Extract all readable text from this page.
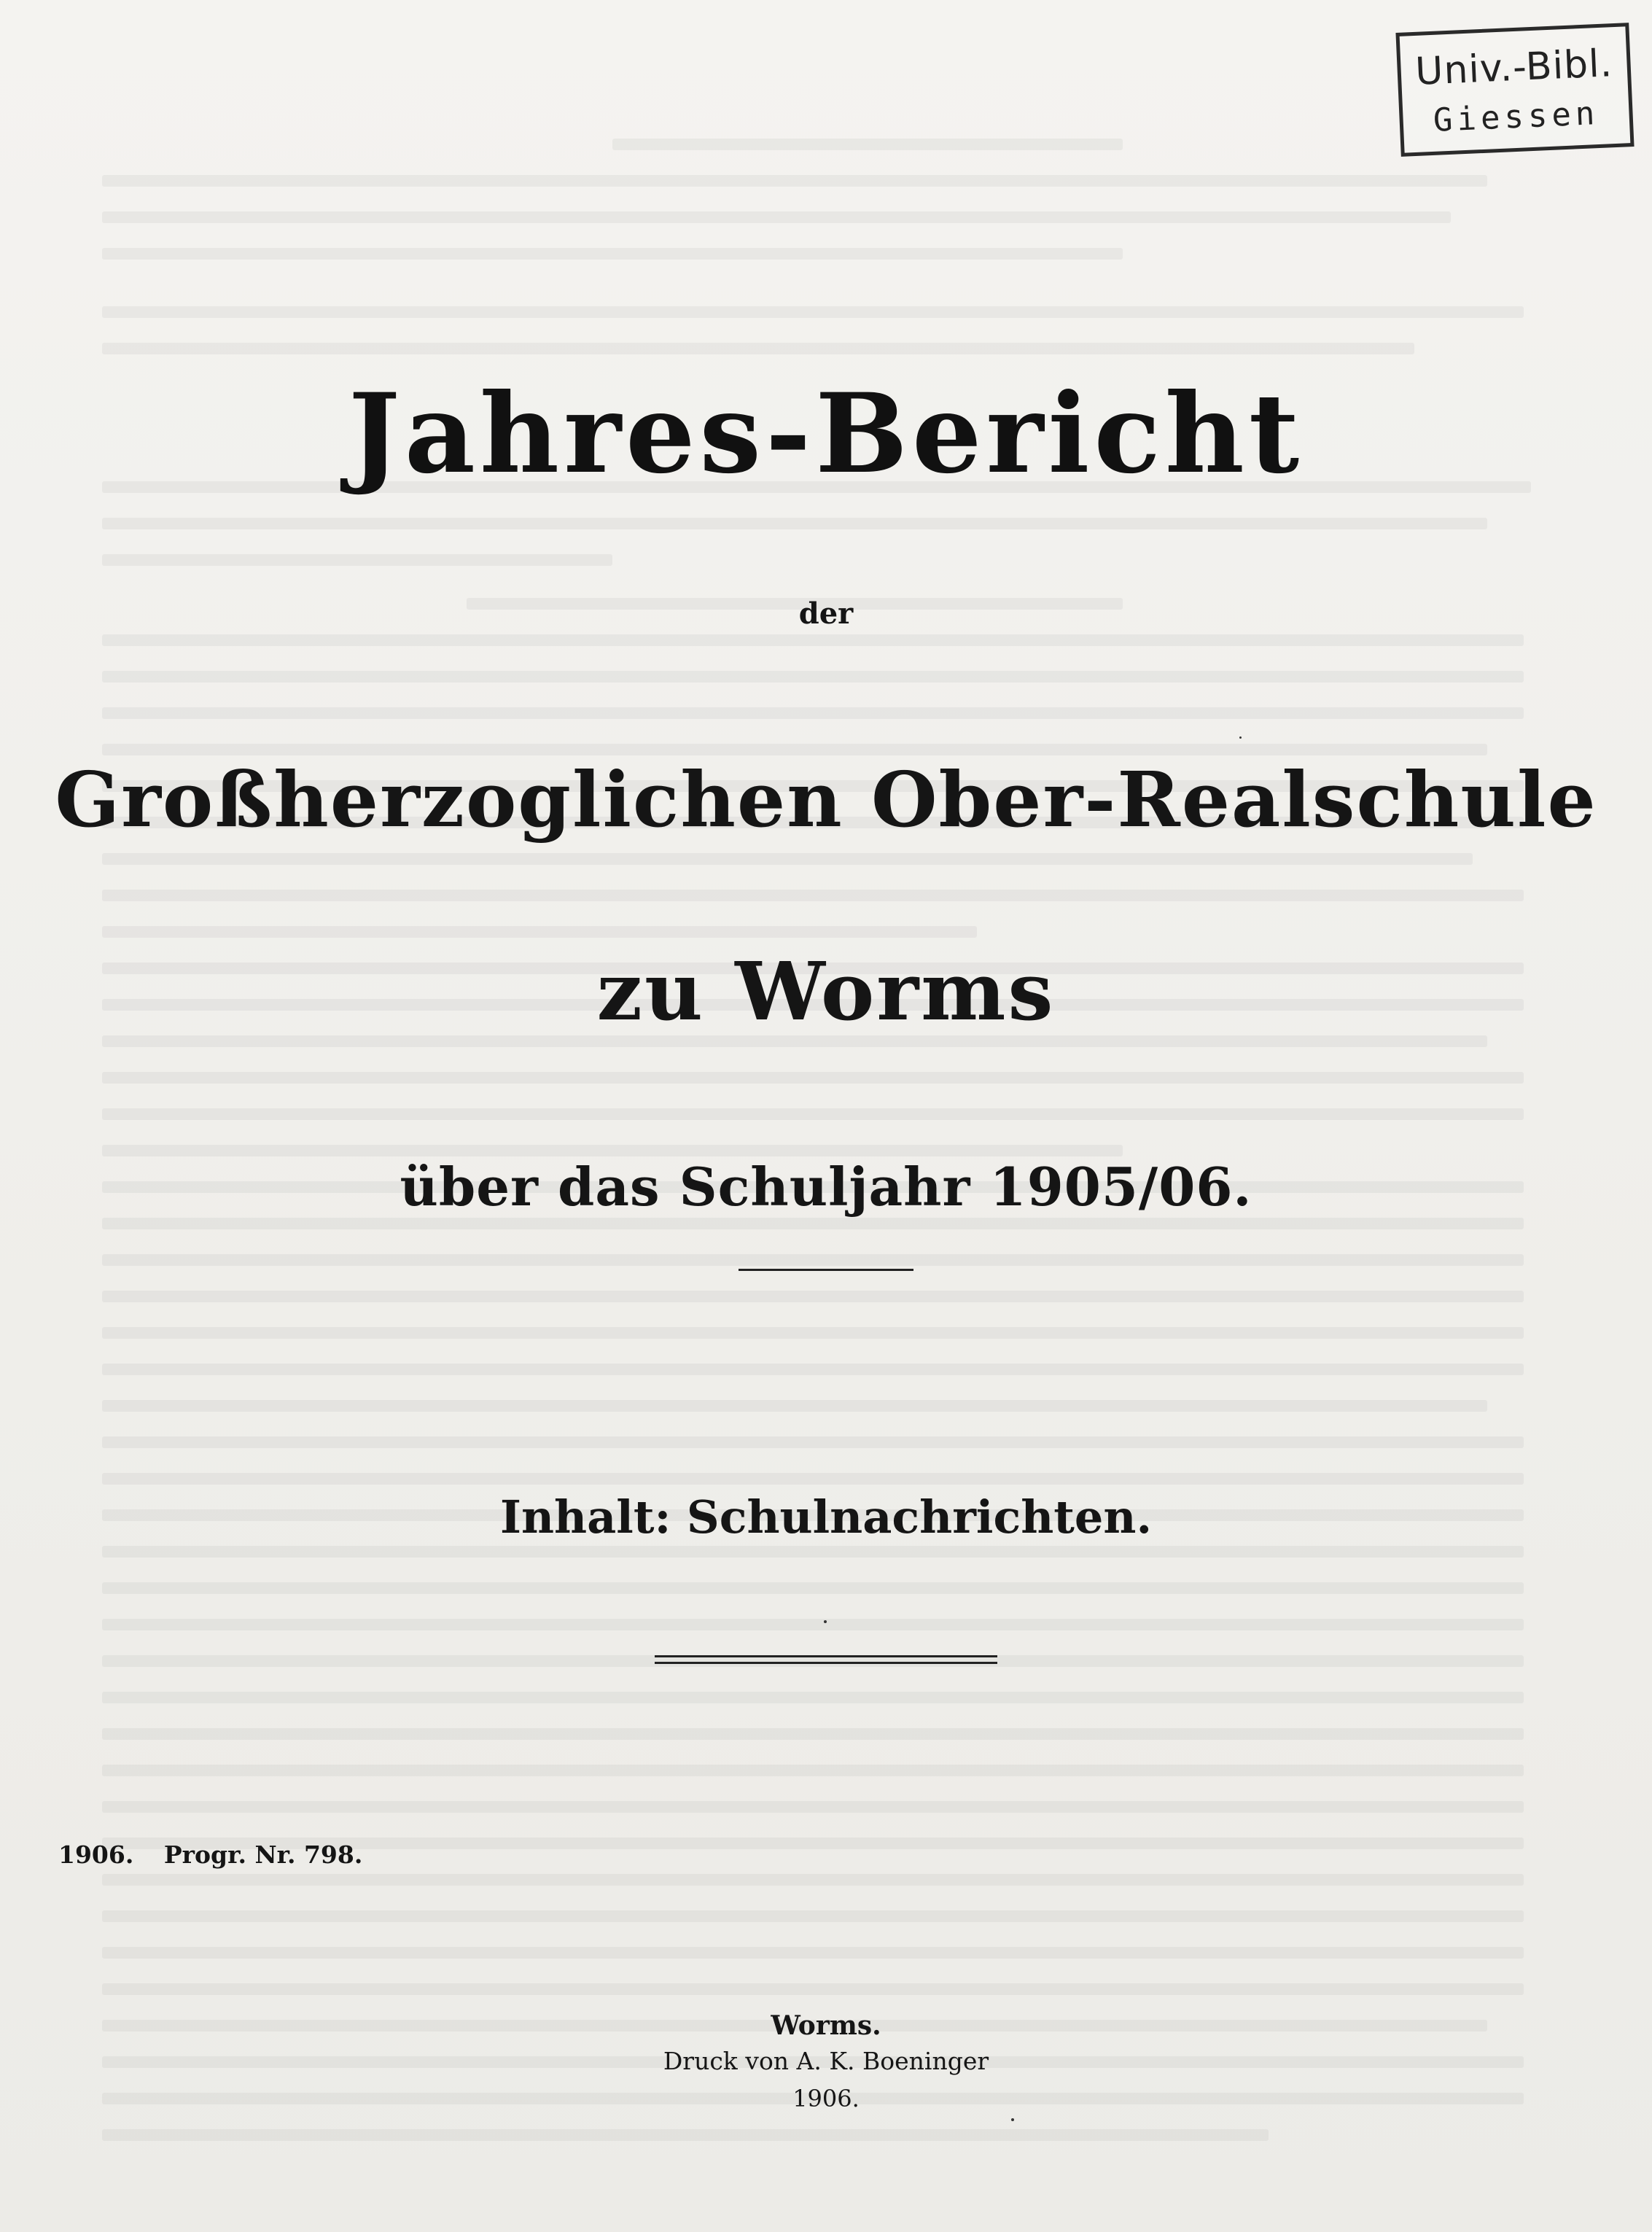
Univ.-Bibl.
Giessen
Jahres-Bericht
der
Großherzoglichen Ober-Realschule
zu Worms
über das Schuljahr 1905/06.
Inhalt: Schulnachrichten.
1906. Progr. Nr. 798.
Worms.
Druck von A. K. Boeninger
1906.
